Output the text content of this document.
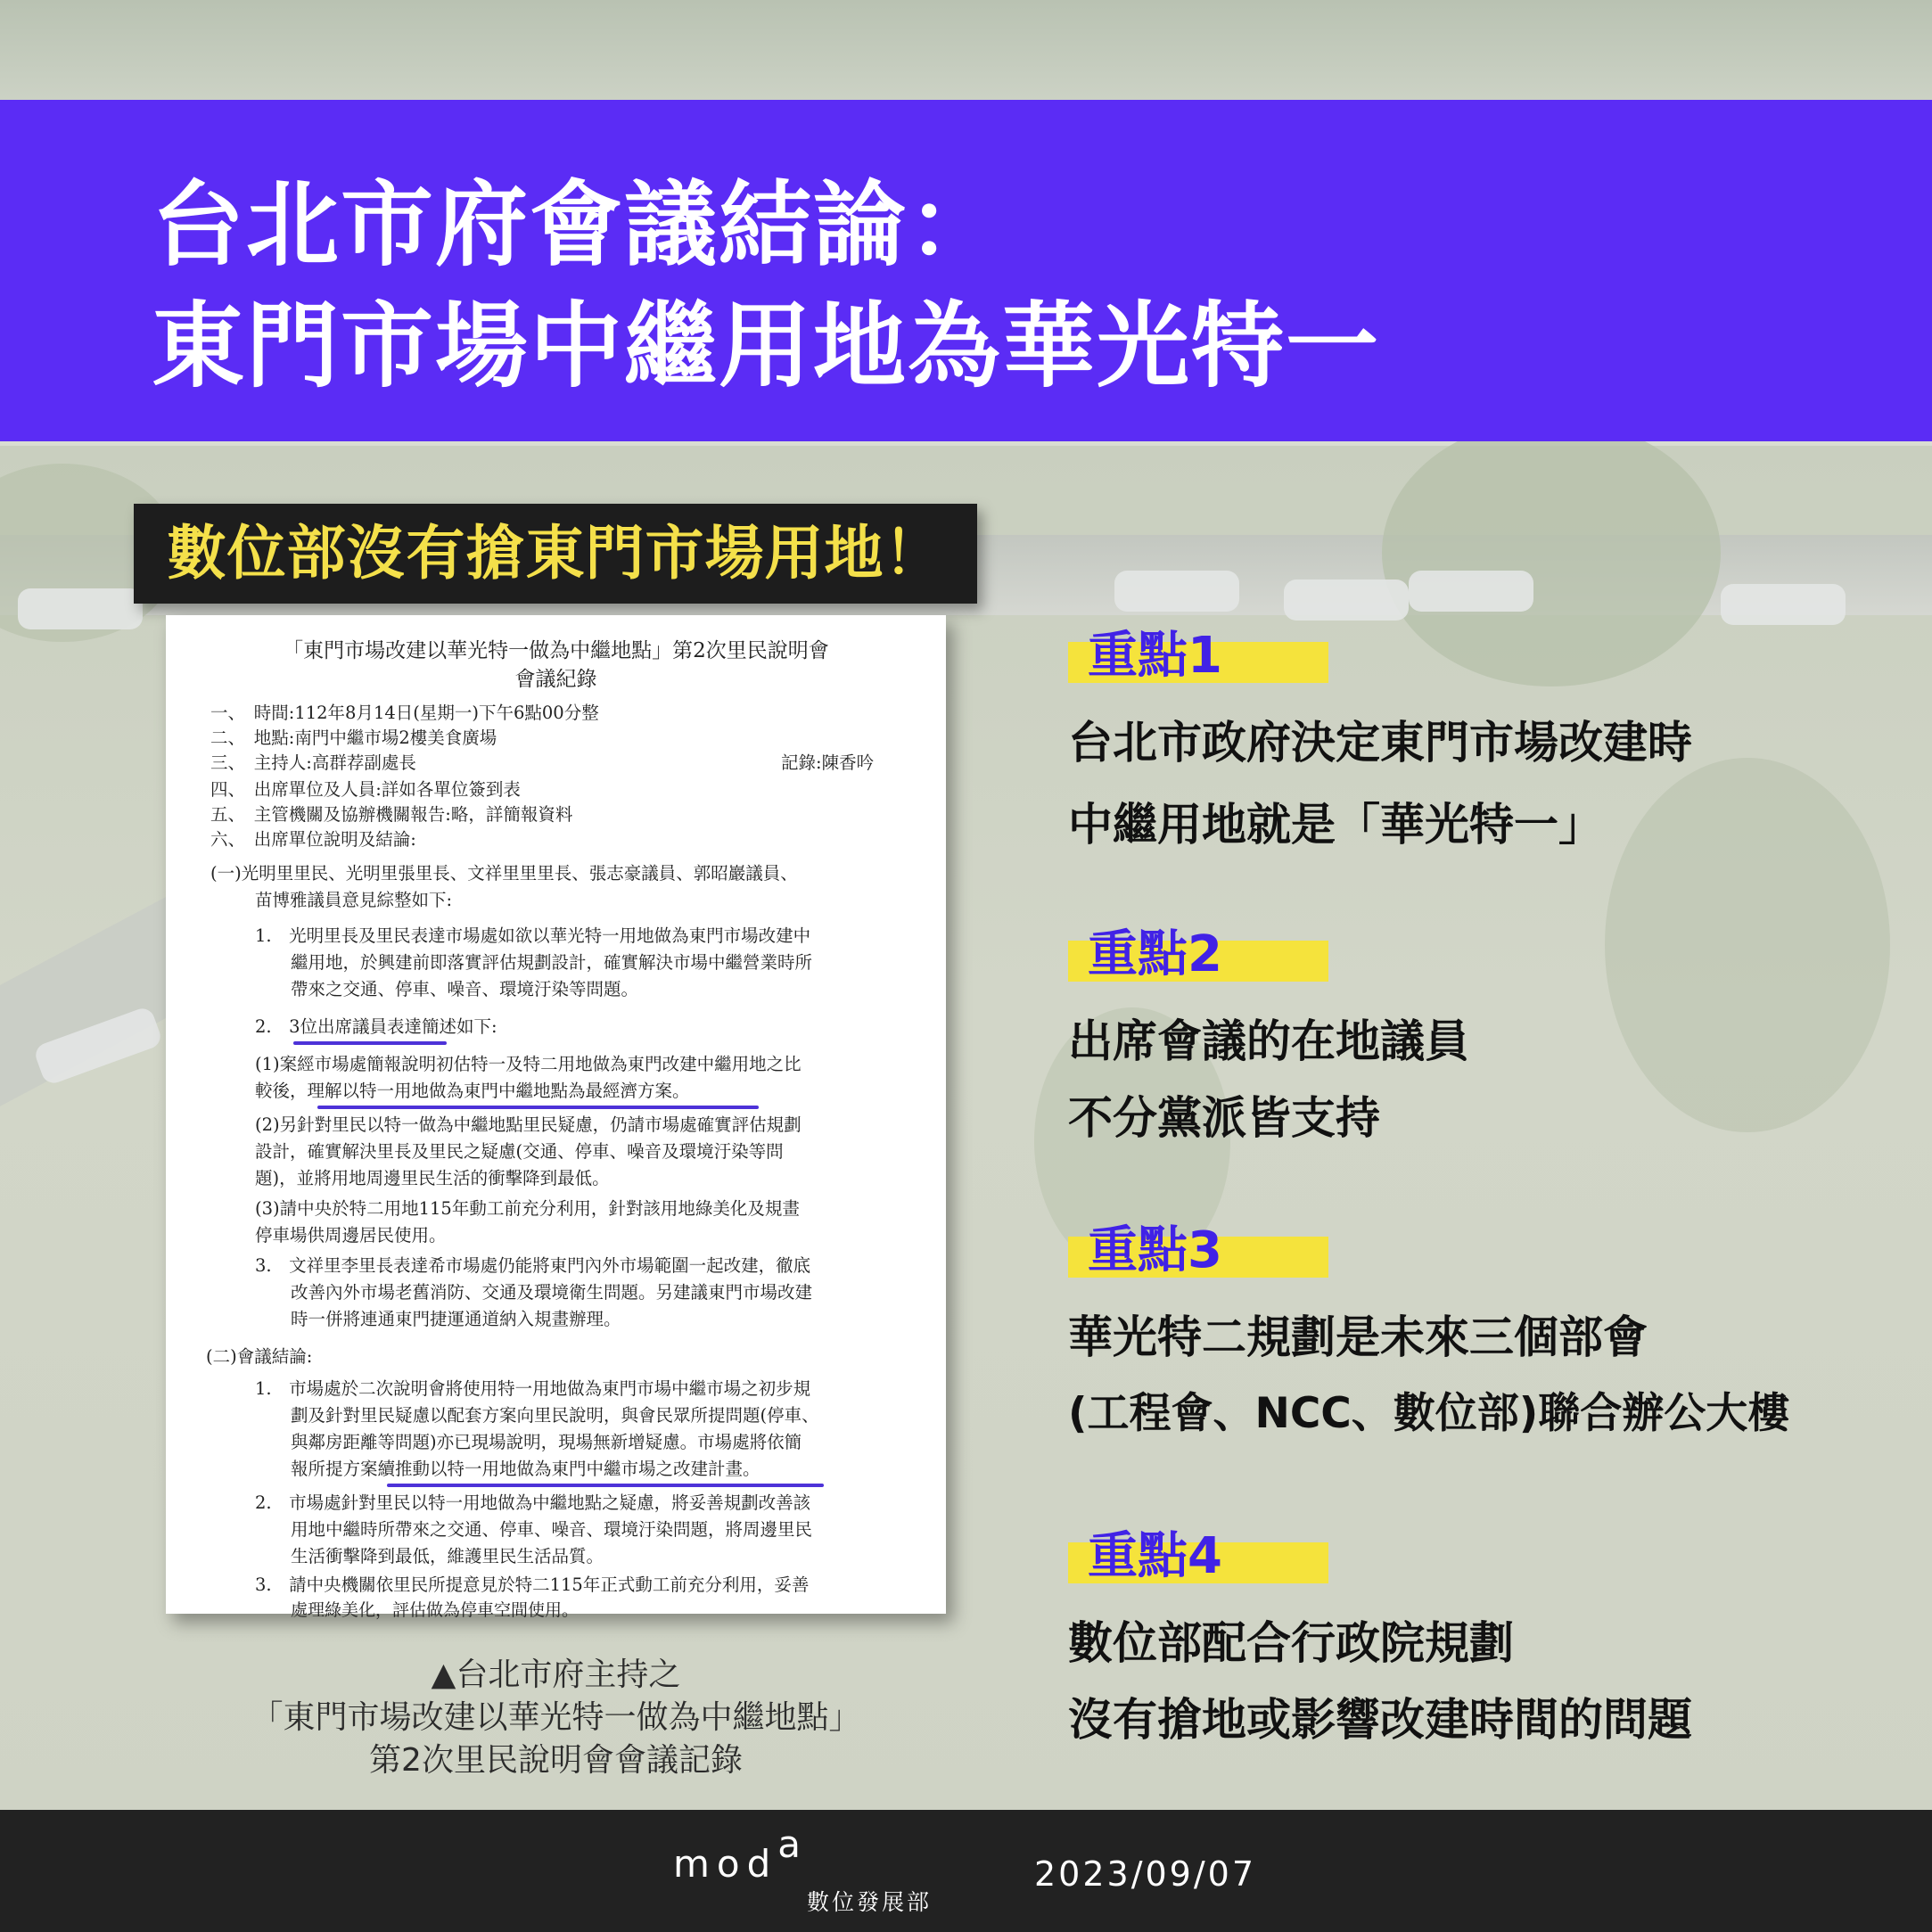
台北市府會議結論：
東門市場中繼用地為華光特一
數位部沒有搶東門市場用地！
「東門市場改建以華光特一做為中繼地點」第2次里民說明會
會議紀錄
一、　時間:112年8月14日(星期一)下午6點00分整
二、　地點:南門中繼市場2樓美食廣場
三、　主持人:高群荐副處長	記錄:陳香吟
四、　出席單位及人員:詳如各單位簽到表
五、　主管機關及協辦機關報告:略，詳簡報資料
六、　出席單位說明及結論:
(一)光明里里民、光明里張里長、文祥里里里長、張志豪議員、郭昭巖議員、
苗博雅議員意見綜整如下:
1.　光明里長及里民表達市場處如欲以華光特一用地做為東門市場改建中
繼用地，於興建前即落實評估規劃設計，確實解決市場中繼營業時所
帶來之交通、停車、噪音、環境汙染等問題。
2.　3位出席議員表達簡述如下:
(1)案經市場處簡報說明初估特一及特二用地做為東門改建中繼用地之比
較後，理解以特一用地做為東門中繼地點為最經濟方案。
(2)另針對里民以特一做為中繼地點里民疑慮，仍請市場處確實評估規劃
設計，確實解決里長及里民之疑慮(交通、停車、噪音及環境汙染等問
題)，並將用地周邊里民生活的衝擊降到最低。
(3)請中央於特二用地115年動工前充分利用，針對該用地綠美化及規畫
停車場供周邊居民使用。
3.　文祥里李里長表達希市場處仍能將東門內外市場範圍一起改建，徹底
改善內外市場老舊消防、交通及環境衛生問題。另建議東門市場改建
時一併將連通東門捷運通道納入規畫辦理。
(二)會議結論:
1.　市場處於二次說明會將使用特一用地做為東門市場中繼市場之初步規
劃及針對里民疑慮以配套方案向里民說明，與會民眾所提問題(停車、
與鄰房距離等問題)亦已現場說明，現場無新增疑慮。市場處將依簡
報所提方案續推動以特一用地做為東門中繼市場之改建計畫。
2.　市場處針對里民以特一用地做為中繼地點之疑慮，將妥善規劃改善該
用地中繼時所帶來之交通、停車、噪音、環境汙染問題，將周邊里民
生活衝擊降到最低，維護里民生活品質。
3.　請中央機關依里民所提意見於特二115年正式動工前充分利用，妥善
處理綠美化，評估做為停車空間使用。
▲台北市府主持之
「東門市場改建以華光特一做為中繼地點」
第2次里民說明會會議記錄
重點1
台北市政府決定東門市場改建時
中繼用地就是「華光特一」
重點2
出席會議的在地議員
不分黨派皆支持
重點3
華光特二規劃是未來三個部會
(工程會、NCC、數位部)聯合辦公大樓
重點4
數位部配合行政院規劃
沒有搶地或影響改建時間的問題
moda
數位發展部
2023/09/07
